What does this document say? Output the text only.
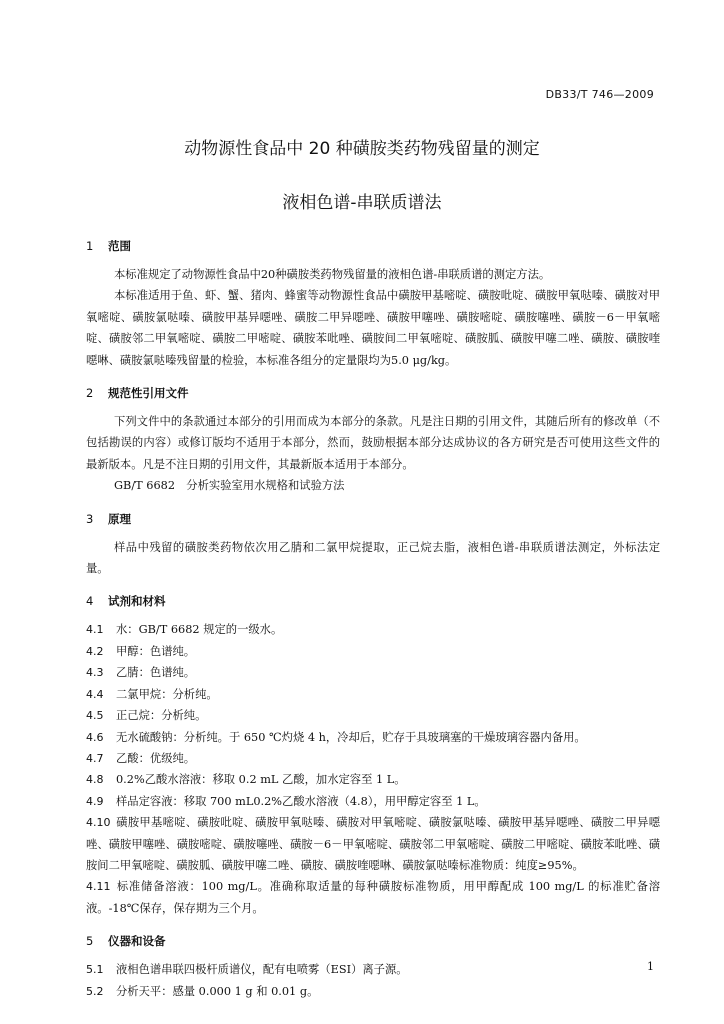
DB33/T 746—2009
动物源性食品中 20 种磺胺类药物残留量的测定
液相色谱-串联质谱法

1 范围

本标准规定了动物源性食品中20种磺胺类药物残留量的液相色谱-串联质谱的测定方法。

本标准适用于鱼、虾、蟹、猪肉、蜂蜜等动物源性食品中磺胺甲基嘧啶、磺胺吡啶、磺胺甲氧哒嗪、磺胺对甲氧嘧啶、磺胺氯哒嗪、磺胺甲基异噁唑、磺胺二甲异噁唑、磺胺甲噻唑、磺胺嘧啶、磺胺噻唑、磺胺－6－甲氧嘧啶、磺胺邻二甲氧嘧啶、磺胺二甲嘧啶、磺胺苯吡唑、磺胺间二甲氧嘧啶、磺胺胍、磺胺甲噻二唑、磺胺、磺胺喹噁啉、磺胺氯哒嗪残留量的检验，本标准各组分的定量限均为5.0 μg/kg。

2 规范性引用文件

下列文件中的条款通过本部分的引用而成为本部分的条款。凡是注日期的引用文件，其随后所有的修改单（不包括勘误的内容）或修订版均不适用于本部分，然而，鼓励根据本部分达成协议的各方研究是否可使用这些文件的最新版本。凡是不注日期的引用文件，其最新版本适用于本部分。

GB/T 6682　分析实验室用水规格和试验方法

3 原理

样品中残留的磺胺类药物依次用乙腈和二氯甲烷提取，正己烷去脂，液相色谱-串联质谱法测定，外标法定量。

4 试剂和材料

4.1 水：GB/T 6682 规定的一级水。

4.2 甲醇：色谱纯。

4.3 乙腈：色谱纯。

4.4 二氯甲烷：分析纯。

4.5 正己烷：分析纯。

4.6 无水硫酸钠：分析纯。于 650 ℃灼烧 4 h，冷却后，贮存于具玻璃塞的干燥玻璃容器内备用。

4.7 乙酸：优级纯。

4.8 0.2%乙酸水溶液：移取 0.2 mL 乙酸，加水定容至 1 L。

4.9 样品定容液：移取 700 mL0.2%乙酸水溶液（4.8），用甲醇定容至 1 L。

4.10 磺胺甲基嘧啶、磺胺吡啶、磺胺甲氧哒嗪、磺胺对甲氧嘧啶、磺胺氯哒嗪、磺胺甲基异噁唑、磺胺二甲异噁唑、磺胺甲噻唑、磺胺嘧啶、磺胺噻唑、磺胺－6－甲氧嘧啶、磺胺邻二甲氧嘧啶、磺胺二甲嘧啶、磺胺苯吡唑、磺胺间二甲氧嘧啶、磺胺胍、磺胺甲噻二唑、磺胺、磺胺喹噁啉、磺胺氯哒嗪标准物质：纯度≥95%。

4.11 标准储备溶液：100 mg/L。准确称取适量的每种磺胺标准物质，用甲醇配成 100 mg/L 的标准贮备溶液。-18℃保存，保存期为三个月。

5 仪器和设备

5.1 液相色谱串联四极杆质谱仪，配有电喷雾（ESI）离子源。

5.2 分析天平：感量 0.000 1 g 和 0.01 g。

1
